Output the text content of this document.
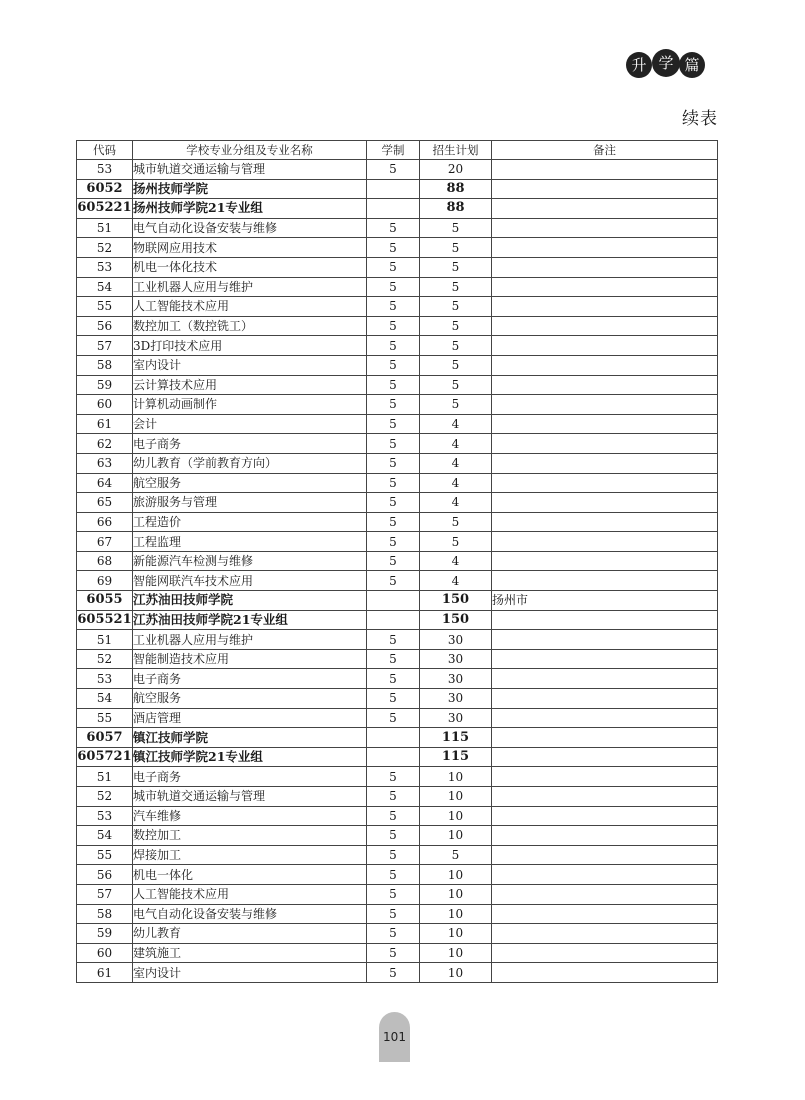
升 学 篇
续表
代码	学校专业分组及专业名称	学制	招生计划	备注
53	城市轨道交通运输与管理	5	20	
6052	扬州技师学院		88	
605221	扬州技师学院21专业组		88	
51	电气自动化设备安装与维修	5	5	
52	物联网应用技术	5	5	
53	机电一体化技术	5	5	
54	工业机器人应用与维护	5	5	
55	人工智能技术应用	5	5	
56	数控加工（数控铣工）	5	5	
57	3D打印技术应用	5	5	
58	室内设计	5	5	
59	云计算技术应用	5	5	
60	计算机动画制作	5	5	
61	会计	5	4	
62	电子商务	5	4	
63	幼儿教育（学前教育方向）	5	4	
64	航空服务	5	4	
65	旅游服务与管理	5	4	
66	工程造价	5	5	
67	工程监理	5	5	
68	新能源汽车检测与维修	5	4	
69	智能网联汽车技术应用	5	4	
6055	江苏油田技师学院		150	扬州市
605521	江苏油田技师学院21专业组		150	
51	工业机器人应用与维护	5	30	
52	智能制造技术应用	5	30	
53	电子商务	5	30	
54	航空服务	5	30	
55	酒店管理	5	30	
6057	镇江技师学院		115	
605721	镇江技师学院21专业组		115	
51	电子商务	5	10	
52	城市轨道交通运输与管理	5	10	
53	汽车维修	5	10	
54	数控加工	5	10	
55	焊接加工	5	5	
56	机电一体化	5	10	
57	人工智能技术应用	5	10	
58	电气自动化设备安装与维修	5	10	
59	幼儿教育	5	10	
60	建筑施工	5	10	
61	室内设计	5	10	
101
